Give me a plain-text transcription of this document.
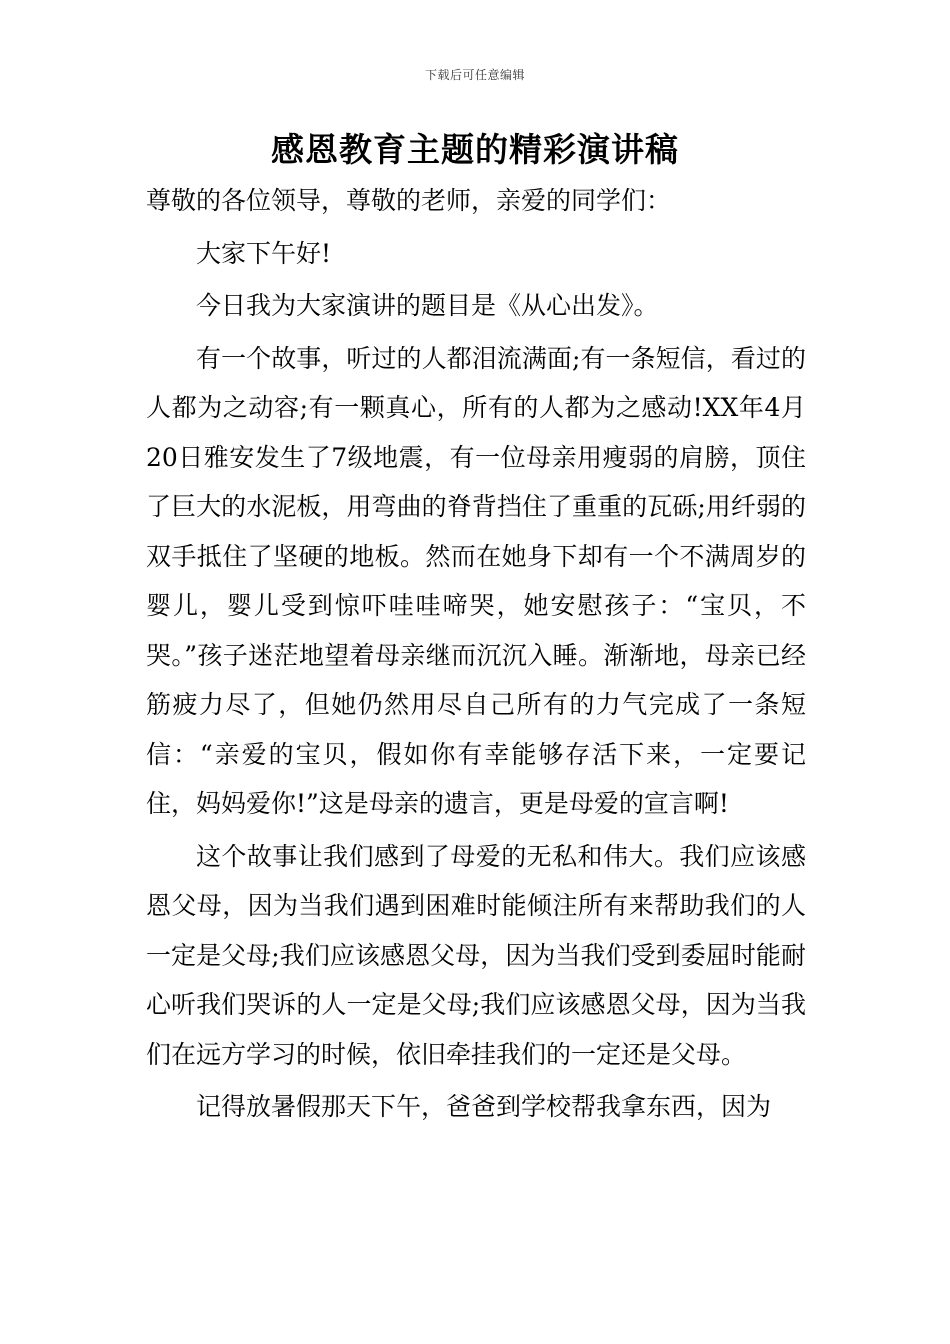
下载后可任意编辑
感恩教育主题的精彩演讲稿

尊敬的各位领导，尊敬的老师，亲爱的同学们：

大家下午好!

今日我为大家演讲的题目是《从心出发》。

有一个故事，听过的人都泪流满面;有一条短信，看过的人都为之动容;有一颗真心，所有的人都为之感动!XX年4月20日雅安发生了7级地震，有一位母亲用瘦弱的肩膀，顶住了巨大的水泥板，用弯曲的脊背挡住了重重的瓦砾;用纤弱的双手抵住了坚硬的地板。然而在她身下却有一个不满周岁的婴儿，婴儿受到惊吓哇哇啼哭，她安慰孩子：“宝贝，不哭。”孩子迷茫地望着母亲继而沉沉入睡。渐渐地，母亲已经筋疲力尽了，但她仍然用尽自己所有的力气完成了一条短信：“亲爱的宝贝，假如你有幸能够存活下来，一定要记住，妈妈爱你!”这是母亲的遗言，更是母爱的宣言啊!

这个故事让我们感到了母爱的无私和伟大。我们应该感恩父母，因为当我们遇到困难时能倾注所有来帮助我们的人一定是父母;我们应该感恩父母，因为当我们受到委屈时能耐心听我们哭诉的人一定是父母;我们应该感恩父母，因为当我们在远方学习的时候，依旧牵挂我们的一定还是父母。

记得放暑假那天下午，爸爸到学校帮我拿东西，因为
